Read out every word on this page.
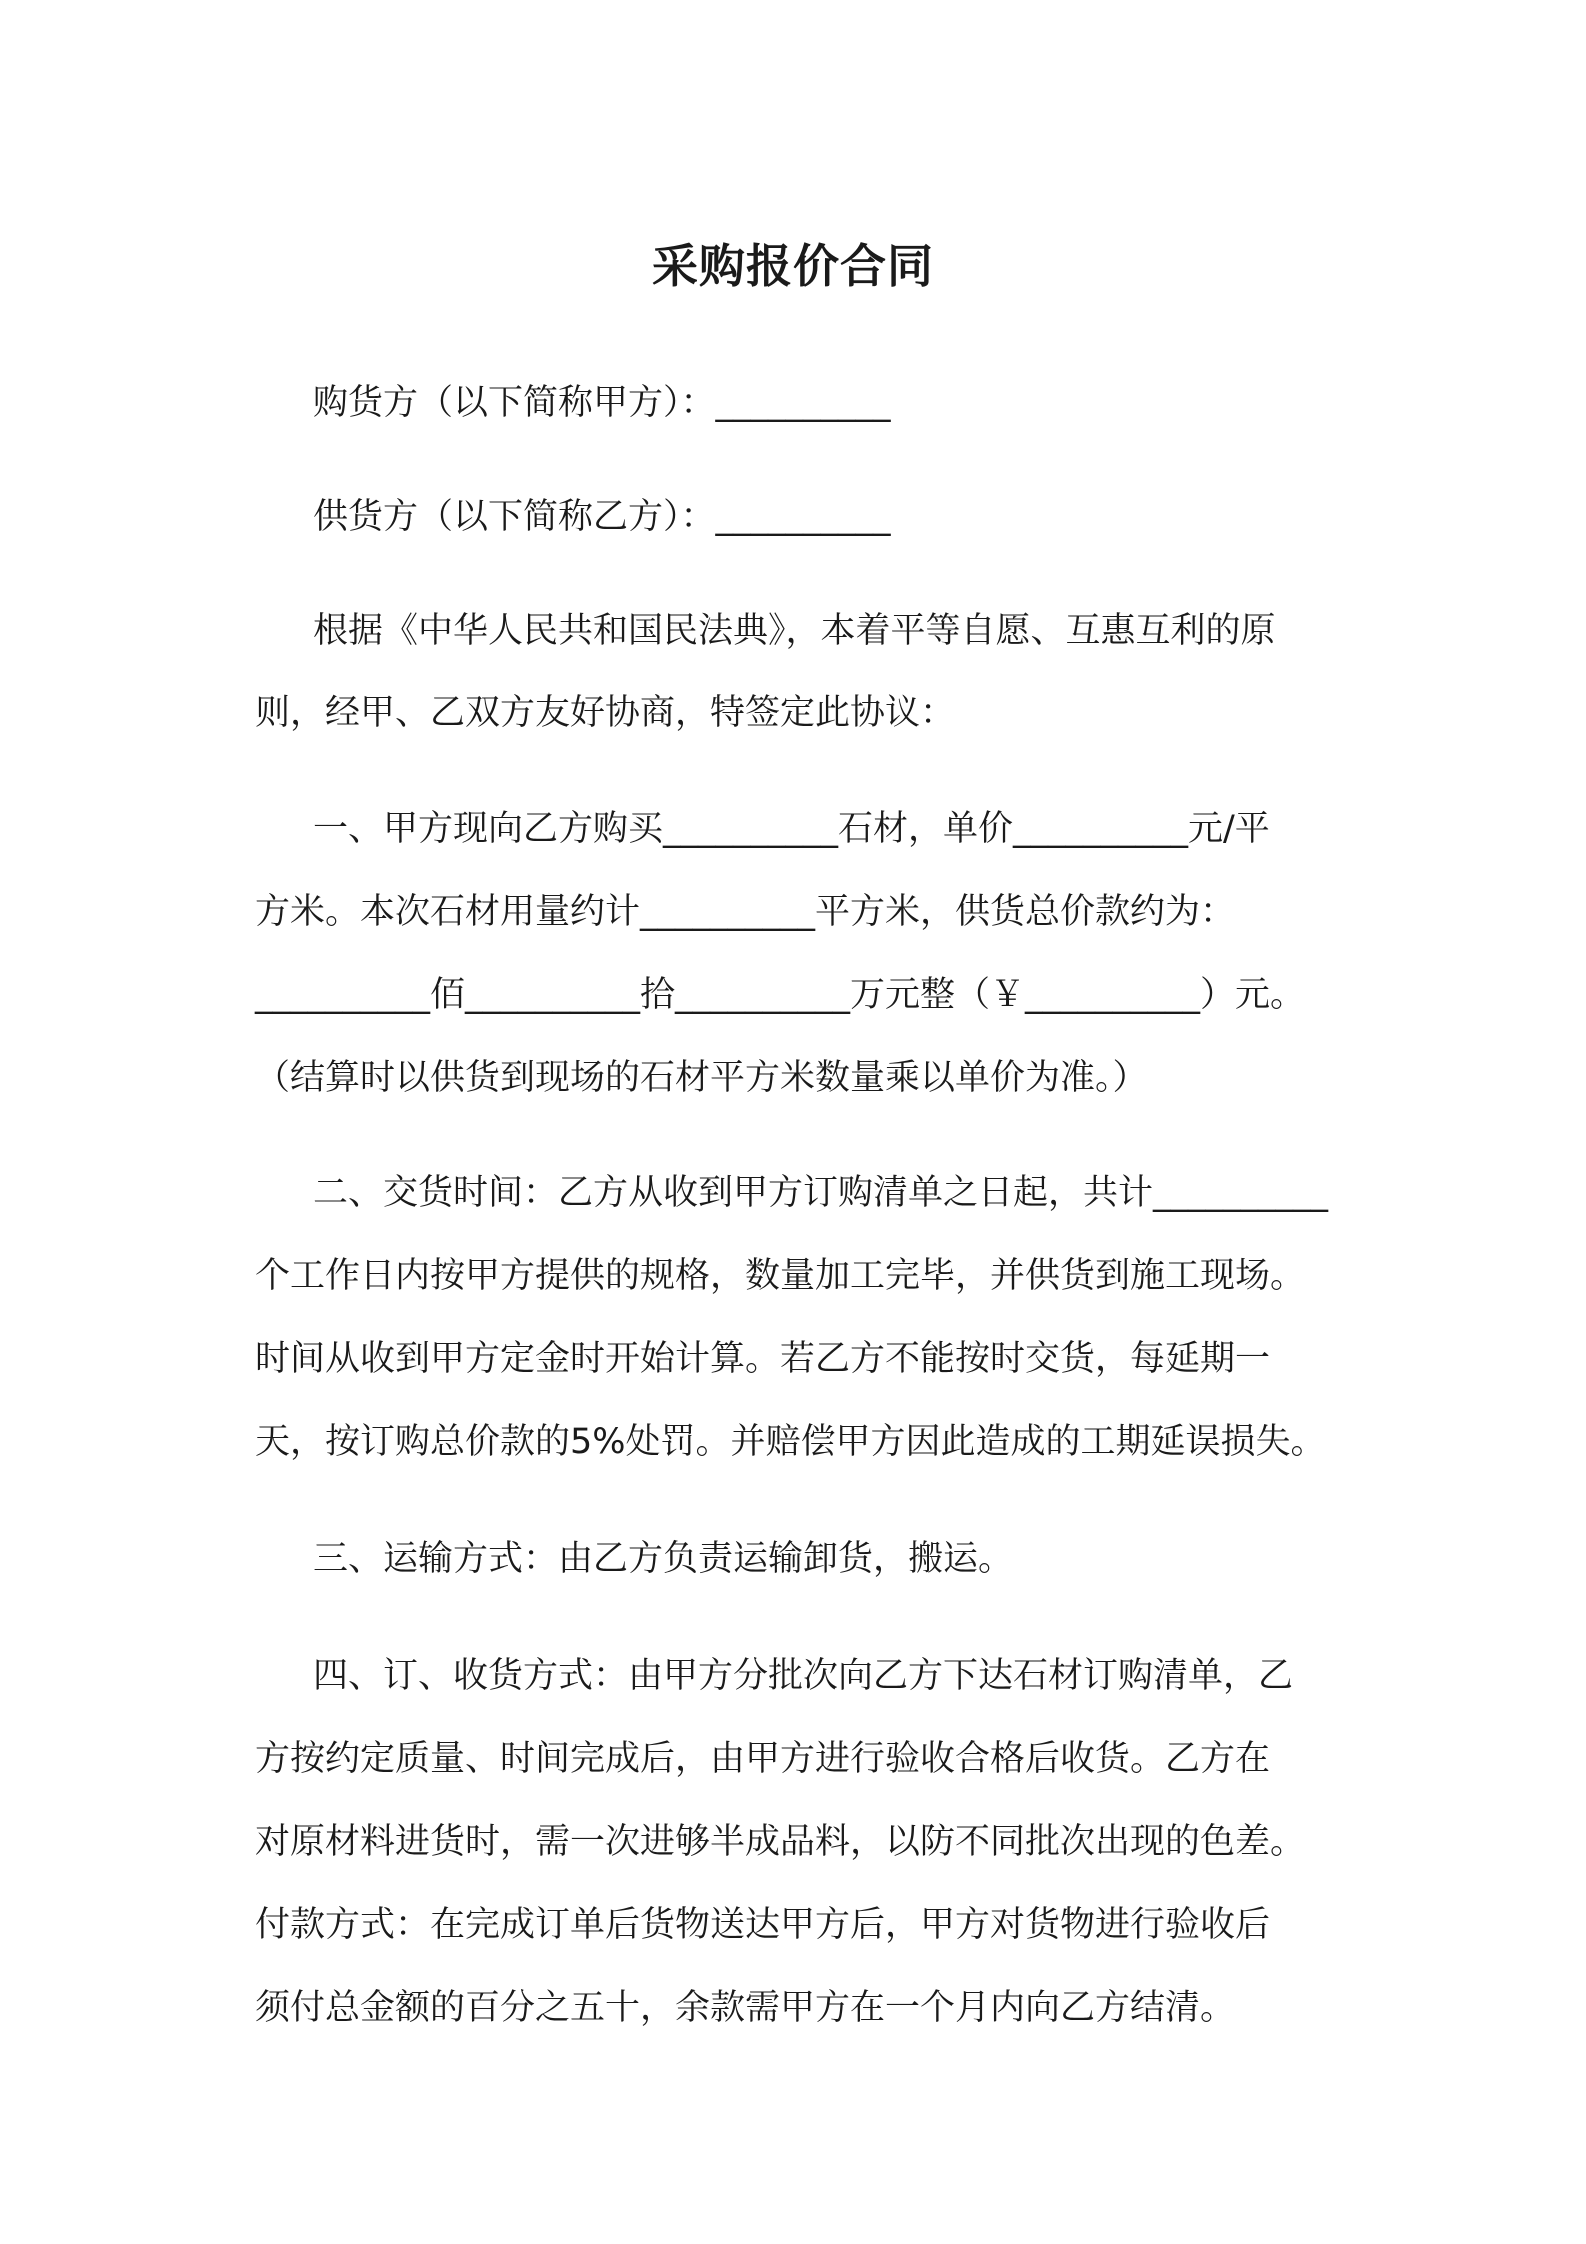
采购报价合同
购货方（以下简称甲方）：__________
供货方（以下简称乙方）：__________
根据《中华人民共和国民法典》，本着平等自愿、互惠互利的原
则，经甲、乙双方友好协商，特签定此协议：
一、甲方现向乙方购买__________石材，单价__________元/平
方米。本次石材用量约计__________平方米，供货总价款约为：
__________佰__________拾__________万元整（￥__________）元。
（结算时以供货到现场的石材平方米数量乘以单价为准。）
二、交货时间：乙方从收到甲方订购清单之日起，共计__________
个工作日内按甲方提供的规格，数量加工完毕，并供货到施工现场。
时间从收到甲方定金时开始计算。若乙方不能按时交货，每延期一
天，按订购总价款的5%处罚。并赔偿甲方因此造成的工期延误损失。
三、运输方式：由乙方负责运输卸货，搬运。
四、订、收货方式：由甲方分批次向乙方下达石材订购清单，乙
方按约定质量、时间完成后，由甲方进行验收合格后收货。乙方在
对原材料进货时，需一次进够半成品料，以防不同批次出现的色差。
付款方式：在完成订单后货物送达甲方后，甲方对货物进行验收后
须付总金额的百分之五十，余款需甲方在一个月内向乙方结清。
